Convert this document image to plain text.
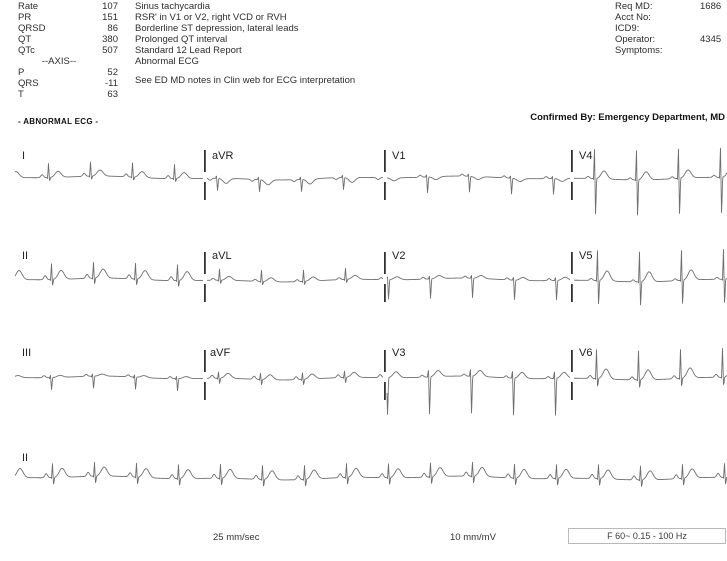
Rate	107
PR	151
QRSD	86
QT	380
QTc	507
--AXIS--
P	52
QRS	-11
T	63
Sinus tachycardia
RSR' in V1 or V2, right VCD or RVH
Borderline ST depression, lateral leads
Prolonged QT interval
Standard 12 Lead Report
Abnormal ECG
See ED MD notes in Clin web for ECG interpretation
Req MD:	1686
Acct No:
ICD9:
Operator:	4345
Symptoms:
- ABNORMAL ECG -	Confirmed By: Emergency Department, MD
25 mm/sec	10 mm/mV	F 60~ 0.15 - 100 Hz
I	aVR	V1	V4
II	aVL	V2	V5
III	aVF	V3	V6
II
